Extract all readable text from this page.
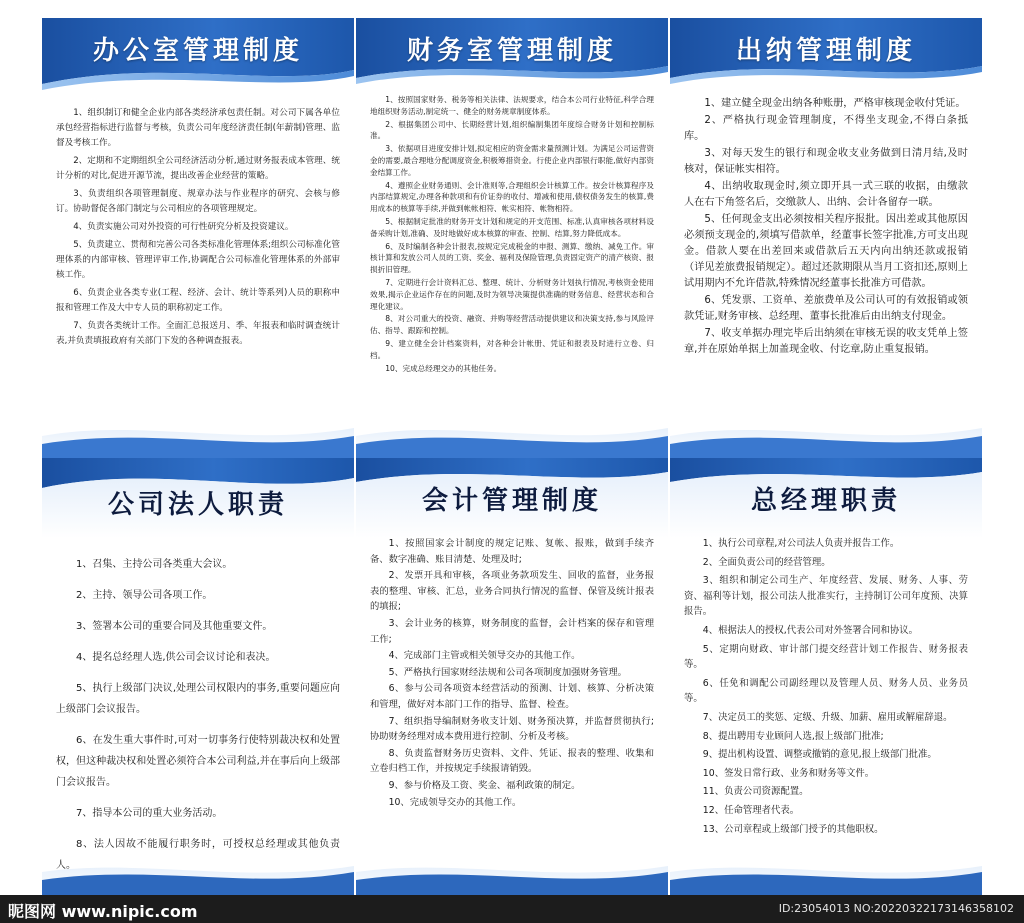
办公室管理制度

1、组织制订和健全企业内部各类经济承包责任制。对公司下属各单位承包经营指标进行监督与考核，负责公司年度经济责任制(年薪制)管理、监督及考核工作。

2、定期和不定期组织全公司经济活动分析,通过财务报表成本管理、统计分析的对比,促进开源节流，提出改善企业经营的策略。

3、负责组织各项管理制度、规章办法与作业程序的研究、会核与修订。协助督促各部门制定与公司相应的各项管理规定。

4、负责实施公司对外投资的可行性研究分析及投资建议。

5、负责建立、贯彻和完善公司各类标准化管理体系;组织公司标准化管理体系的内部审核、管理评审工作,协调配合公司标准化管理体系的外部审核工作。

6、负责企业各类专业(工程、经济、会计、统计等系列)人员的职称申报和管理工作及大中专人员的职称初定工作。

7、负责各类统计工作。全面汇总报送月、季、年报表和临时调查统计表,并负责填报政府有关部门下发的各种调查报表。

财务室管理制度

1、按照国家财务、税务等相关法律、法规要求，结合本公司行业特征,科学合理地组织财务活动,制定统一、健全的财务规章制度体系。

2、根据集团公司中、长期经营计划,组织编制集团年度综合财务计划和控制标准。

3、依据项目进度安排计划,拟定相应的资金需求量预测计划。为满足公司运营资金的需要,最合理地分配调度资金,积极筹措资金。行使企业内部银行职能,做好内部资金结算工作。

4、遵照企业财务通则、会计准则等,合理组织会计核算工作。按会计核算程序及内部结算规定,办理各种款项和有价证券的收付、增减和使用,债权债务发生的核算,费用成本的核算等手续,并做到帐帐相符、帐实相符、帐物相符。

5、根据制定批准的财务开支计划和规定的开支范围、标准,认真审核各项材料设备采购计划,准确、及时地做好成本核算的审查、控制、结算,努力降低成本。

6、及时编制各种会计报表,按规定完成税金的申报、测算、缴纳、减免工作。审核计算和发放公司人员的工资、奖金、福利及保险管理,负责固定资产的清产核资、报损折旧管理。

7、定期进行会计资料汇总、整理、统计、分析财务计划执行情况,考核资金使用效果,揭示企业运作存在的问题,及时为领导决策提供准确的财务信息、经营状态和合理化建议。

8、对公司重大的投资、融资、并购等经营活动提供建议和决策支持,参与风险评估、指导、跟踪和控制。

9、建立健全会计档案资料，对各种会计帐册、凭证和报表及时进行立卷、归档。

10、完成总经理交办的其他任务。

出纳管理制度

1、建立健全现金出纳各种账册，严格审核现金收付凭证。

2、严格执行现金管理制度，不得坐支现金,不得白条抵库。

3、对每天发生的银行和现金收支业务做到日清月结,及时核对，保证帐实相符。

4、出纳收取现金时,须立即开具一式三联的收据，由缴款人在右下角签名后，交缴款人、出纳、会计各留存一联。

5、任何现金支出必须按相关程序报批。因出差或其他原因必须预支现金的,须填写借款单，经董事长签字批准,方可支出现金。借款人要在出差回来或借款后五天内向出纳还款或报销（详见差旅费报销规定）。超过还款期限从当月工资扣还,原则上试用期内不允许借款,特殊情况经董事长批准方可借款。

6、凭发票、工资单、差旅费单及公司认可的有效报销或领款凭证,财务审核、总经理、董事长批准后由出纳支付现金。

7、收支单据办理完毕后出纳须在审核无误的收支凭单上签章,并在原始单据上加盖现金收、付讫章,防止重复报销。

公司法人职责

1、召集、主持公司各类重大会议。

2、主持、领导公司各项工作。

3、签署本公司的重要合同及其他重要文件。

4、提名总经理人选,供公司会议讨论和表决。

5、执行上级部门决议,处理公司权限内的事务,重要问题应向上级部门会议报告。

6、在发生重大事件时,可对一切事务行使特别裁决权和处置权，但这种裁决权和处置必须符合本公司利益,并在事后向上级部门会议报告。

7、指导本公司的重大业务活动。

8、法人因故不能履行职务时，可授权总经理或其他负责人。

会计管理制度

1、按照国家会计制度的规定记账、复帐、报账，做到手续齐备、数字准确、账目清楚、处理及时;

2、发票开具和审核，各项业务款项发生、回收的监督，业务报表的整理、审核、汇总，业务合同执行情况的监督、保管及统计报表的填报;

3、会计业务的核算，财务制度的监督，会计档案的保存和管理工作;

4、完成部门主管或相关领导交办的其他工作。

5、严格执行国家财经法规和公司各项制度加强财务管理。

6、参与公司各项资本经营活动的预测、计划、核算、分析决策和管理，做好对本部门工作的指导、监督、检查。

7、组织指导编制财务收支计划、财务预决算，并监督贯彻执行;协助财务经理对成本费用进行控制、分析及考核。

8、负责监督财务历史资料、文件、凭证、报表的整理、收集和立卷归档工作，并按规定手续报请销毁。

9、参与价格及工资、奖金、福利政策的制定。

10、完成领导交办的其他工作。

总经理职责

1、执行公司章程,对公司法人负责并报告工作。

2、全面负责公司的经营管理。

3、组织和制定公司生产、年度经营、发展、财务、人事、劳资、福利等计划，报公司法人批准实行，主持制订公司年度预、决算报告。

4、根据法人的授权,代表公司对外签署合同和协议。

5、定期向财政、审计部门提交经营计划工作报告、财务报表等。

6、任免和调配公司副经理以及管理人员、财务人员、业务员等。

7、决定员工的奖惩、定级、升级、加薪、雇用或解雇辞退。

8、提出聘用专业顾问人选,报上级部门批准;

9、提出机构设置、调整或撤销的意见,报上级部门批准。

10、签发日常行政、业务和财务等文件。

11、负责公司资源配置。

12、任命管理者代表。

13、公司章程或上级部门授予的其他职权。

昵图网 www.nipic.com	ID:23054013 NO:20220322173146358102
